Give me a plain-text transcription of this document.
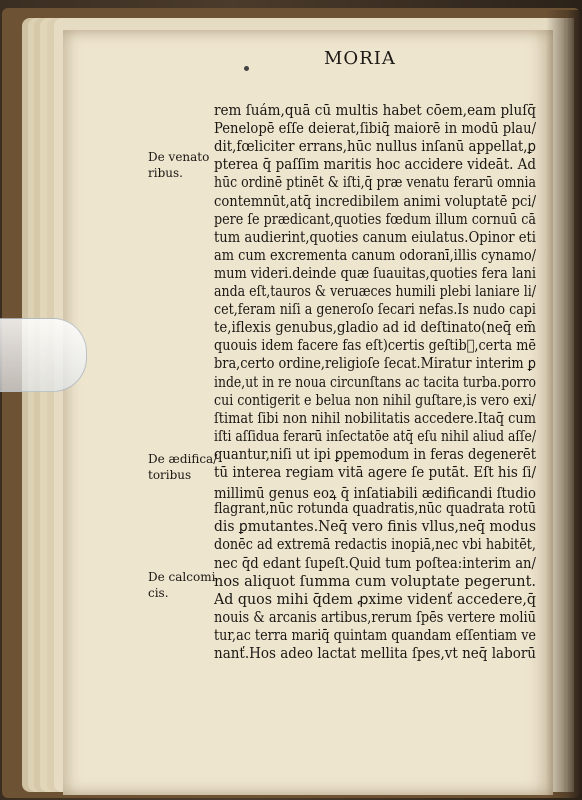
MORIA
De venato
ribus.
De ædifica/
toribus
De calcomi
cis.
rem ſuám,quā cū multis habet cōem,eam pluſq̄
Penelopē eſſe deierat,ſibiq̄ maiorē in modū plau/
dit,fœliciter errans,hūc nullus inſanū appellat,ꝑ
pterea q̄ paſſim maritis hoc accidere videāt. Ad
hūc ordinē ptinēt & iſti,q̄ præ venatu ferarū omnia
contemnūt,atq̄ incredibilem animi voluptatē pci/
pere ſe prædicant,quoties fœdum illum cornuū cā
tum audierint,quoties canum eiulatus.Opinor eti
am cum excrementa canum odoranī,illis cynamo/
mum videri.deinde quæ ſuauitas,quoties fera lani
anda eſt,tauros & veruæces humili plebi laniare li/
cet,feram niſi a generoſo ſecari nefas.Is nudo capi
te,iflexis genubus,gladio ad id deſtinato(neq̄ em̄
quouis idem facere fas eſt)certis geſtib᷒,certa mē
bra,certo ordine,religioſe ſecat.Miratur interim ꝑ
inde,ut in re noua circunſtans ac tacita turba.porro
cui contigerit e belua non nihil guſtare,is vero exi/
ſtimat ſibi non nihil nobilitatis accedere.Itaq̄ cum
iſti aſſidua ferarū inſectatōe atq̄ eſu nihil aliud aſſe/
quantur,niſi ut ipi ꝑpemodum in feras degenerēt
tū interea regiam vitā agere ſe putāt. Eſt his ſi/
millimū genus eoꝝ q̄ inſatiabili ædificandi ſtudio
flagrant,nūc rotunda quadratis,nūc quadrata rotū
dis ꝑmutantes.Neq̄ vero finis vllus,neq̄ modus
donēc ad extremā redactis inopiā,nec vbi habitēt,
nec q̄d edant ſupeſt.Quid tum poſtea:interim an/
nos aliquot ſumma cum voluptate pegerunt.
Ad quos mihi q̄dem ꝓxime videnť accedere,q̄
nouis & arcanis artibus,rerum ſpēs vertere moliū
tur,ac terra mariq̄ quintam quandam eſſentiam ve
nanť.Hos adeo lactat mellita ſpes,vt neq̄ laborū
